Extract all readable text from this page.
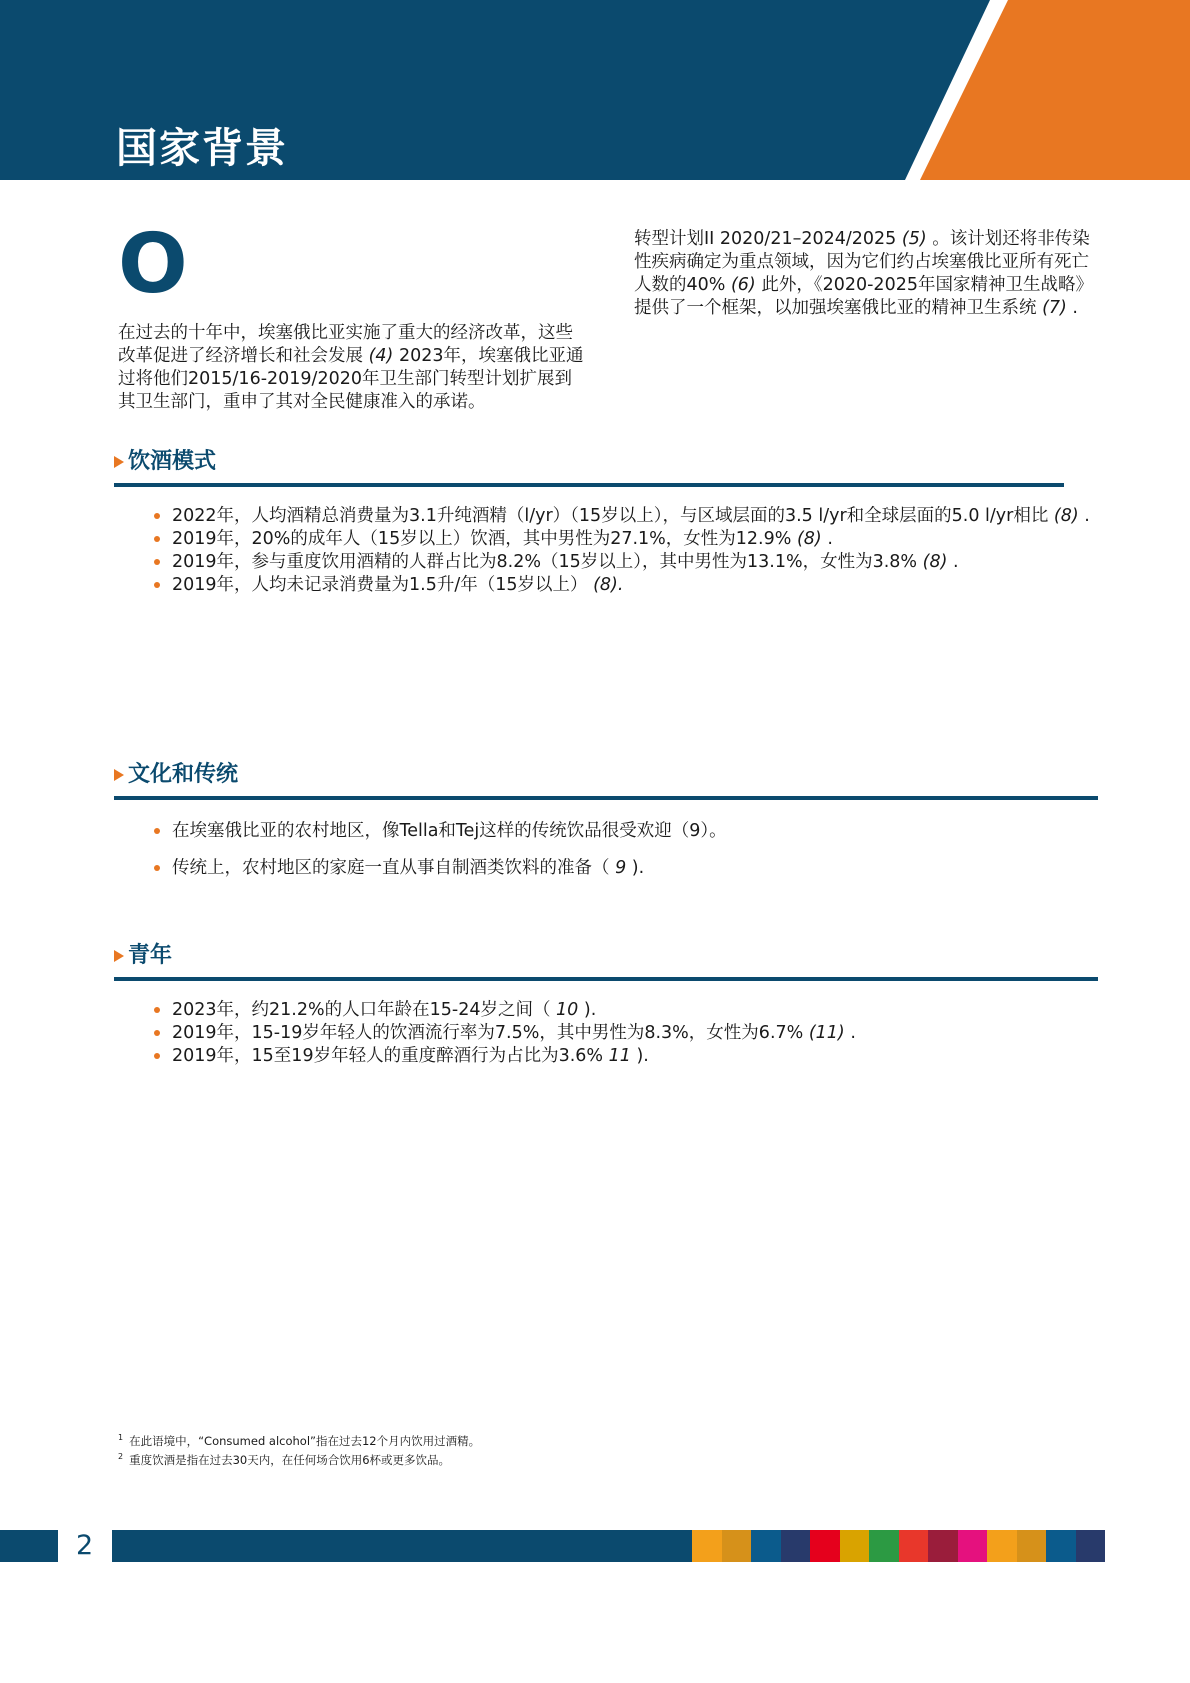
国家背景
O

在过去的十年中，埃塞俄比亚实施了重大的经济改革，这些改革促进了经济增长和社会发展 (4) 2023年，埃塞俄比亚通过将他们2015/16-2019/2020年卫生部门转型计划扩展到其卫生部门，重申了其对全民健康准入的承诺。

转型计划II 2020/21–2024/2025 (5) 。该计划还将非传染性疾病确定为重点领域，因为它们约占埃塞俄比亚所有死亡人数的40% (6) 此外，《2020-2025年国家精神卫生战略》提供了一个框架，以加强埃塞俄比亚的精神卫生系统 (7) .

饮酒模式
2022年，人均酒精总消费量为3.1升纯酒精（l/yr）（15岁以上），与区域层面的3.5 l/yr和全球层面的5.0 l/yr相比 (8) .
2019年，20%的成年人（15岁以上）饮酒，其中男性为27.1%，女性为12.9% (8) .
2019年，参与重度饮用酒精的人群占比为8.2%（15岁以上），其中男性为13.1%，女性为3.8% (8) .
2019年，人均未记录消费量为1.5升/年（15岁以上） (8).
文化和传统
在埃塞俄比亚的农村地区，像Tella和Tej这样的传统饮品很受欢迎（9）。
传统上，农村地区的家庭一直从事自制酒类饮料的准备（ 9 ).
青年
2023年，约21.2%的人口年龄在15-24岁之间（ 10 ).
2019年，15-19岁年轻人的饮酒流行率为7.5%，其中男性为8.3%，女性为6.7% (11) .
2019年，15至19岁年轻人的重度醉酒行为占比为3.6% 11 ).
$^1$ 在此语境中，“Consumed alcohol”指在过去12个月内饮用过酒精。
$^2$ 重度饮酒是指在过去30天内，在任何场合饮用6杯或更多饮品。
2
